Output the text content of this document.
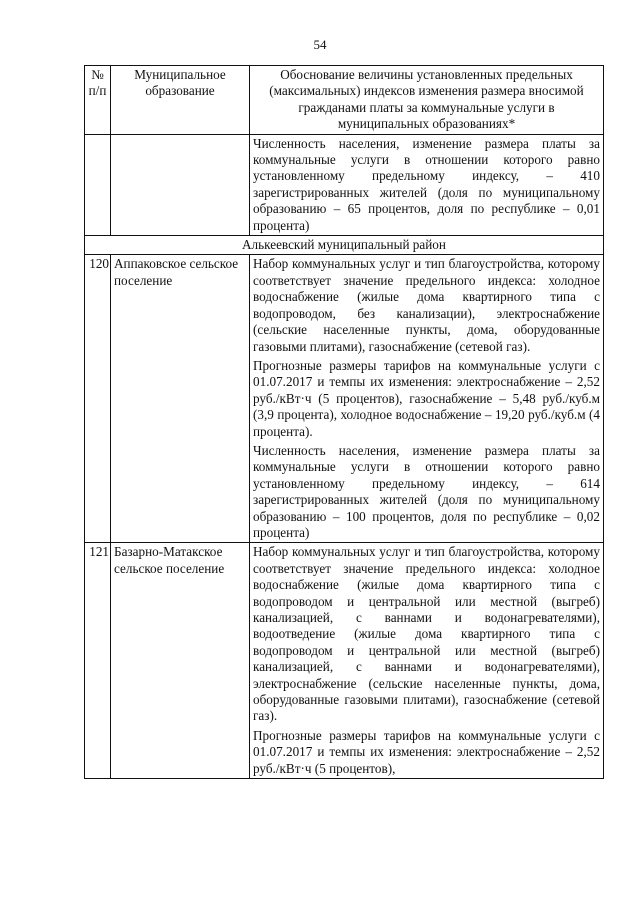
54
№ п/п	Муниципальное образование	Обоснование величины установленных предельных (максимальных) индексов изменения размера вносимой гражданами платы за коммунальные услуги в муниципальных образованиях*
		Численность населения, изменение размера платы за коммунальные услуги в отношении которого равно установленному предельному индексу, – 410 зарегистрированных жителей (доля по муниципальному образованию – 65 процентов, доля по республике – 0,01 процента)
Алькеевский муниципальный район		
120	Аппаковское сельское поселение	Набор коммунальных услуг и тип благоустройства, которому соответствует значение предельного индекса: холодное водоснабжение (жилые дома квартирного типа с водопроводом, без канализации), электроснабжение (сельские населенные пункты, дома, оборудованные газовыми плитами), газоснабжение (сетевой газ).
Прогнозные размеры тарифов на коммунальные услуги с 01.07.2017 и темпы их изменения: электроснабжение – 2,52 руб./кВт·ч (5 процентов), газоснабжение – 5,48 руб./куб.м (3,9 процента), холодное водоснабжение – 19,20 руб./куб.м (4 процента).
Численность населения, изменение размера платы за коммунальные услуги в отношении которого равно установленному предельному индексу, – 614 зарегистрированных жителей (доля по муниципальному образованию – 100 процентов, доля по республике – 0,02 процента)

121	Базарно-Матакское сельское поселение	Набор коммунальных услуг и тип благоустройства, которому соответствует значение предельного индекса: холодное водоснабжение (жилые дома квартирного типа с водопроводом и центральной или местной (выгреб) канализацией, с ваннами и водонагревателями), водоотведение (жилые дома квартирного типа с водопроводом и центральной или местной (выгреб) канализацией, с ваннами и водонагревателями), электроснабжение (сельские населенные пункты, дома, оборудованные газовыми плитами), газоснабжение (сетевой газ).
Прогнозные размеры тарифов на коммунальные услуги с 01.07.2017 и темпы их изменения: электроснабжение – 2,52 руб./кВт·ч (5 процентов),
